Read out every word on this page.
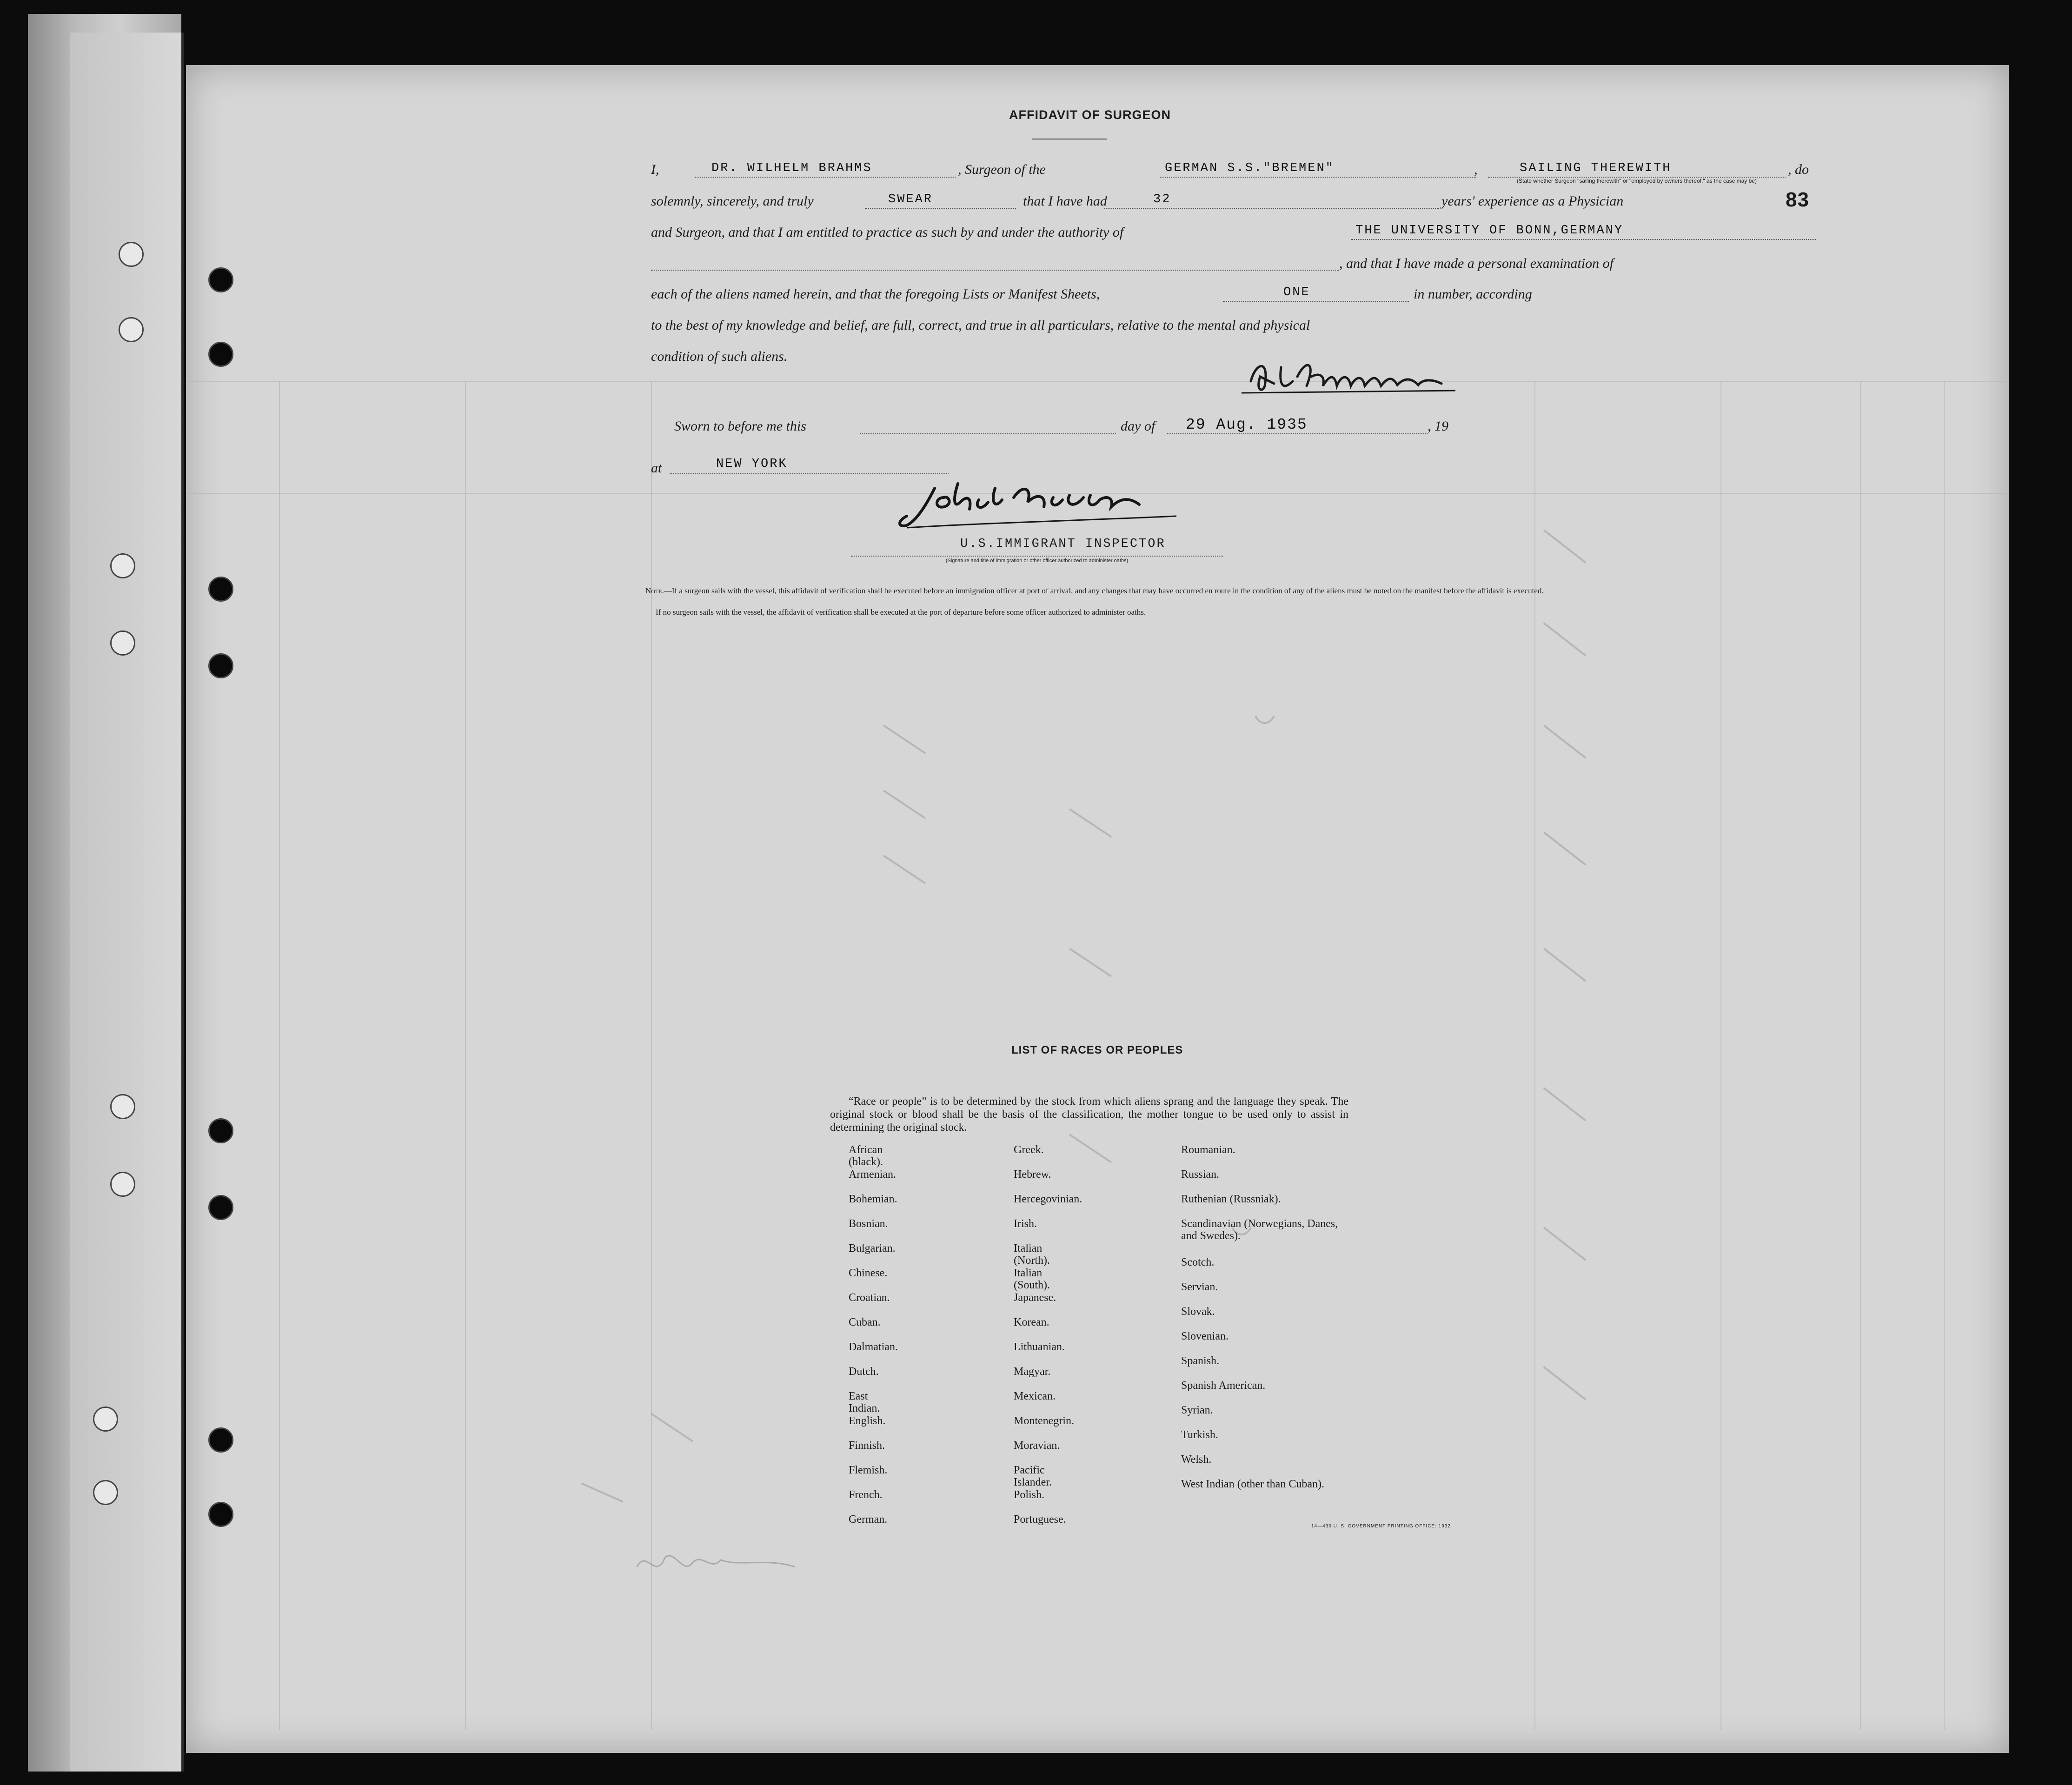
83
AFFIDAVIT OF SURGEON
I,	DR. WILHELM BRAHMS	, Surgeon of the	GERMAN S.S."BREMEN"	,	SAILING THEREWITH
(State whether Surgeon "sailing therewith" or "employed by owners thereof," as the case may be)
, do
solemnly, sincerely, and truly	SWEAR	that I have had	32	years' experience as a Physician
and Surgeon, and that I am entitled to practice as such by and under the authority of	THE UNIVERSITY OF BONN,GERMANY
, and that I have made a personal examination of
each of the aliens named herein, and that the foregoing Lists or Manifest Sheets,	ONE	in number, according
to the best of my knowledge and belief, are full, correct, and true in all particulars, relative to the mental and physical
condition of such aliens.
Sworn to before me this	day of 29 Aug. 1935	, 19
at	NEW YORK
U.S.IMMIGRANT INSPECTOR
(Signature and title of immigration or other officer authorized to administer oaths)
Note.—If a surgeon sails with the vessel, this affidavit of verification shall be executed before an immigration officer at port of arrival, and any changes that may have occurred en route in the condition of any of the aliens must be noted on the manifest before the affidavit is executed.
If no surgeon sails with the vessel, the affidavit of verification shall be executed at the port of departure before some officer authorized to administer oaths.
LIST OF RACES OR PEOPLES
“Race or people” is to be determined by the stock from which aliens sprang and the language they speak. The original stock or blood shall be the basis of the classification, the mother tongue to be used only to assist in determining the original stock.
African (black).
Armenian.
Bohemian.
Bosnian.
Bulgarian.
Chinese.
Croatian.
Cuban.
Dalmatian.
Dutch.
East Indian.
English.
Finnish.
Flemish.
French.
German.
Greek.
Hebrew.
Hercegovinian.
Irish.
Italian (North).
Italian (South).
Japanese.
Korean.
Lithuanian.
Magyar.
Mexican.
Montenegrin.
Moravian.
Pacific Islander.
Polish.
Portuguese.
Roumanian.
Russian.
Ruthenian (Russniak).
Scandinavian (Norwegians, Danes, and Swedes).
Scotch.
Servian.
Slovak.
Slovenian.
Spanish.
Spanish American.
Syrian.
Turkish.
Welsh.
West Indian (other than Cuban).
14—430 U. S. GOVERNMENT PRINTING OFFICE: 1932
